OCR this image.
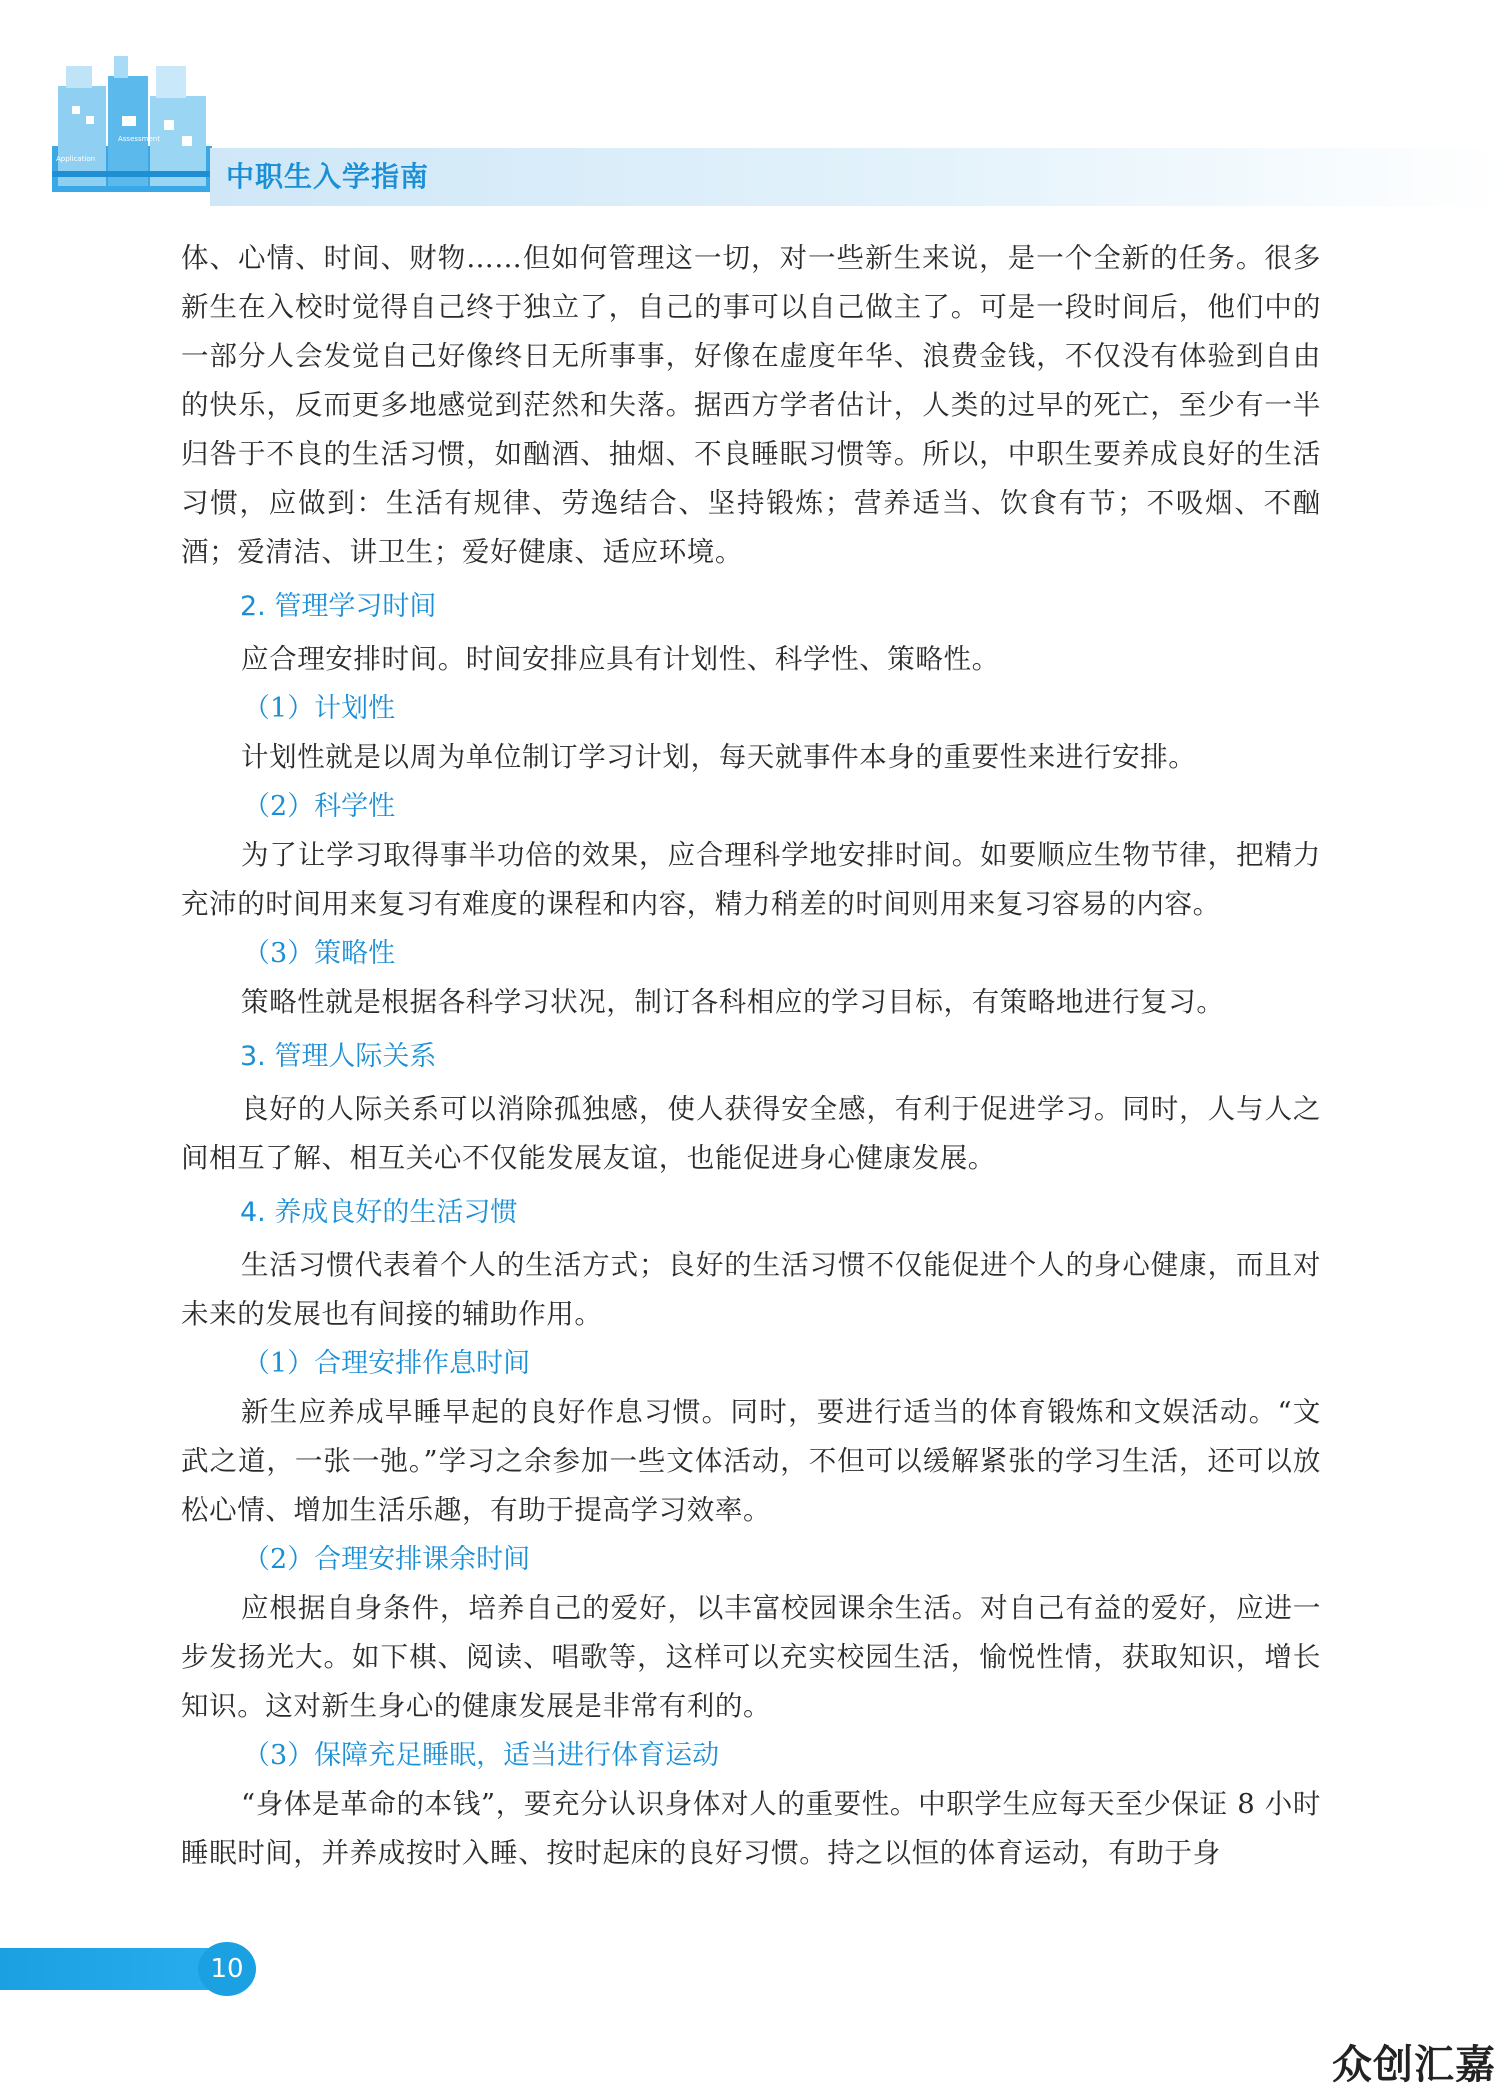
Application
Assessment
中职生入学指南

体、心情、时间、财物……但如何管理这一切，对一些新生来说，是一个全新的任务。很多新生在入校时觉得自己终于独立了，自己的事可以自己做主了。可是一段时间后，他们中的一部分人会发觉自己好像终日无所事事，好像在虚度年华、浪费金钱，不仅没有体验到自由的快乐，反而更多地感觉到茫然和失落。据西方学者估计，人类的过早的死亡，至少有一半归咎于不良的生活习惯，如酗酒、抽烟、不良睡眠习惯等。所以，中职生要养成良好的生活习惯，应做到：生活有规律、劳逸结合、坚持锻炼；营养适当、饮食有节；不吸烟、不酗酒；爱清洁、讲卫生；爱好健康、适应环境。

2. 管理学习时间

应合理安排时间。时间安排应具有计划性、科学性、策略性。

（1）计划性

计划性就是以周为单位制订学习计划，每天就事件本身的重要性来进行安排。

（2）科学性

为了让学习取得事半功倍的效果，应合理科学地安排时间。如要顺应生物节律，把精力充沛的时间用来复习有难度的课程和内容，精力稍差的时间则用来复习容易的内容。

（3）策略性

策略性就是根据各科学习状况，制订各科相应的学习目标，有策略地进行复习。

3. 管理人际关系

良好的人际关系可以消除孤独感，使人获得安全感，有利于促进学习。同时，人与人之间相互了解、相互关心不仅能发展友谊，也能促进身心健康发展。

4. 养成良好的生活习惯

生活习惯代表着个人的生活方式；良好的生活习惯不仅能促进个人的身心健康，而且对未来的发展也有间接的辅助作用。

（1）合理安排作息时间

新生应养成早睡早起的良好作息习惯。同时，要进行适当的体育锻炼和文娱活动。“文武之道，一张一弛。”学习之余参加一些文体活动，不但可以缓解紧张的学习生活，还可以放松心情、增加生活乐趣，有助于提高学习效率。

（2）合理安排课余时间

应根据自身条件，培养自己的爱好，以丰富校园课余生活。对自己有益的爱好，应进一步发扬光大。如下棋、阅读、唱歌等，这样可以充实校园生活，愉悦性情，获取知识，增长知识。这对新生身心的健康发展是非常有利的。

（3）保障充足睡眠，适当进行体育运动

“身体是革命的本钱”，要充分认识身体对人的重要性。中职学生应每天至少保证 8 小时睡眠时间，并养成按时入睡、按时起床的良好习惯。持之以恒的体育运动，有助于身

10
众创汇嘉
